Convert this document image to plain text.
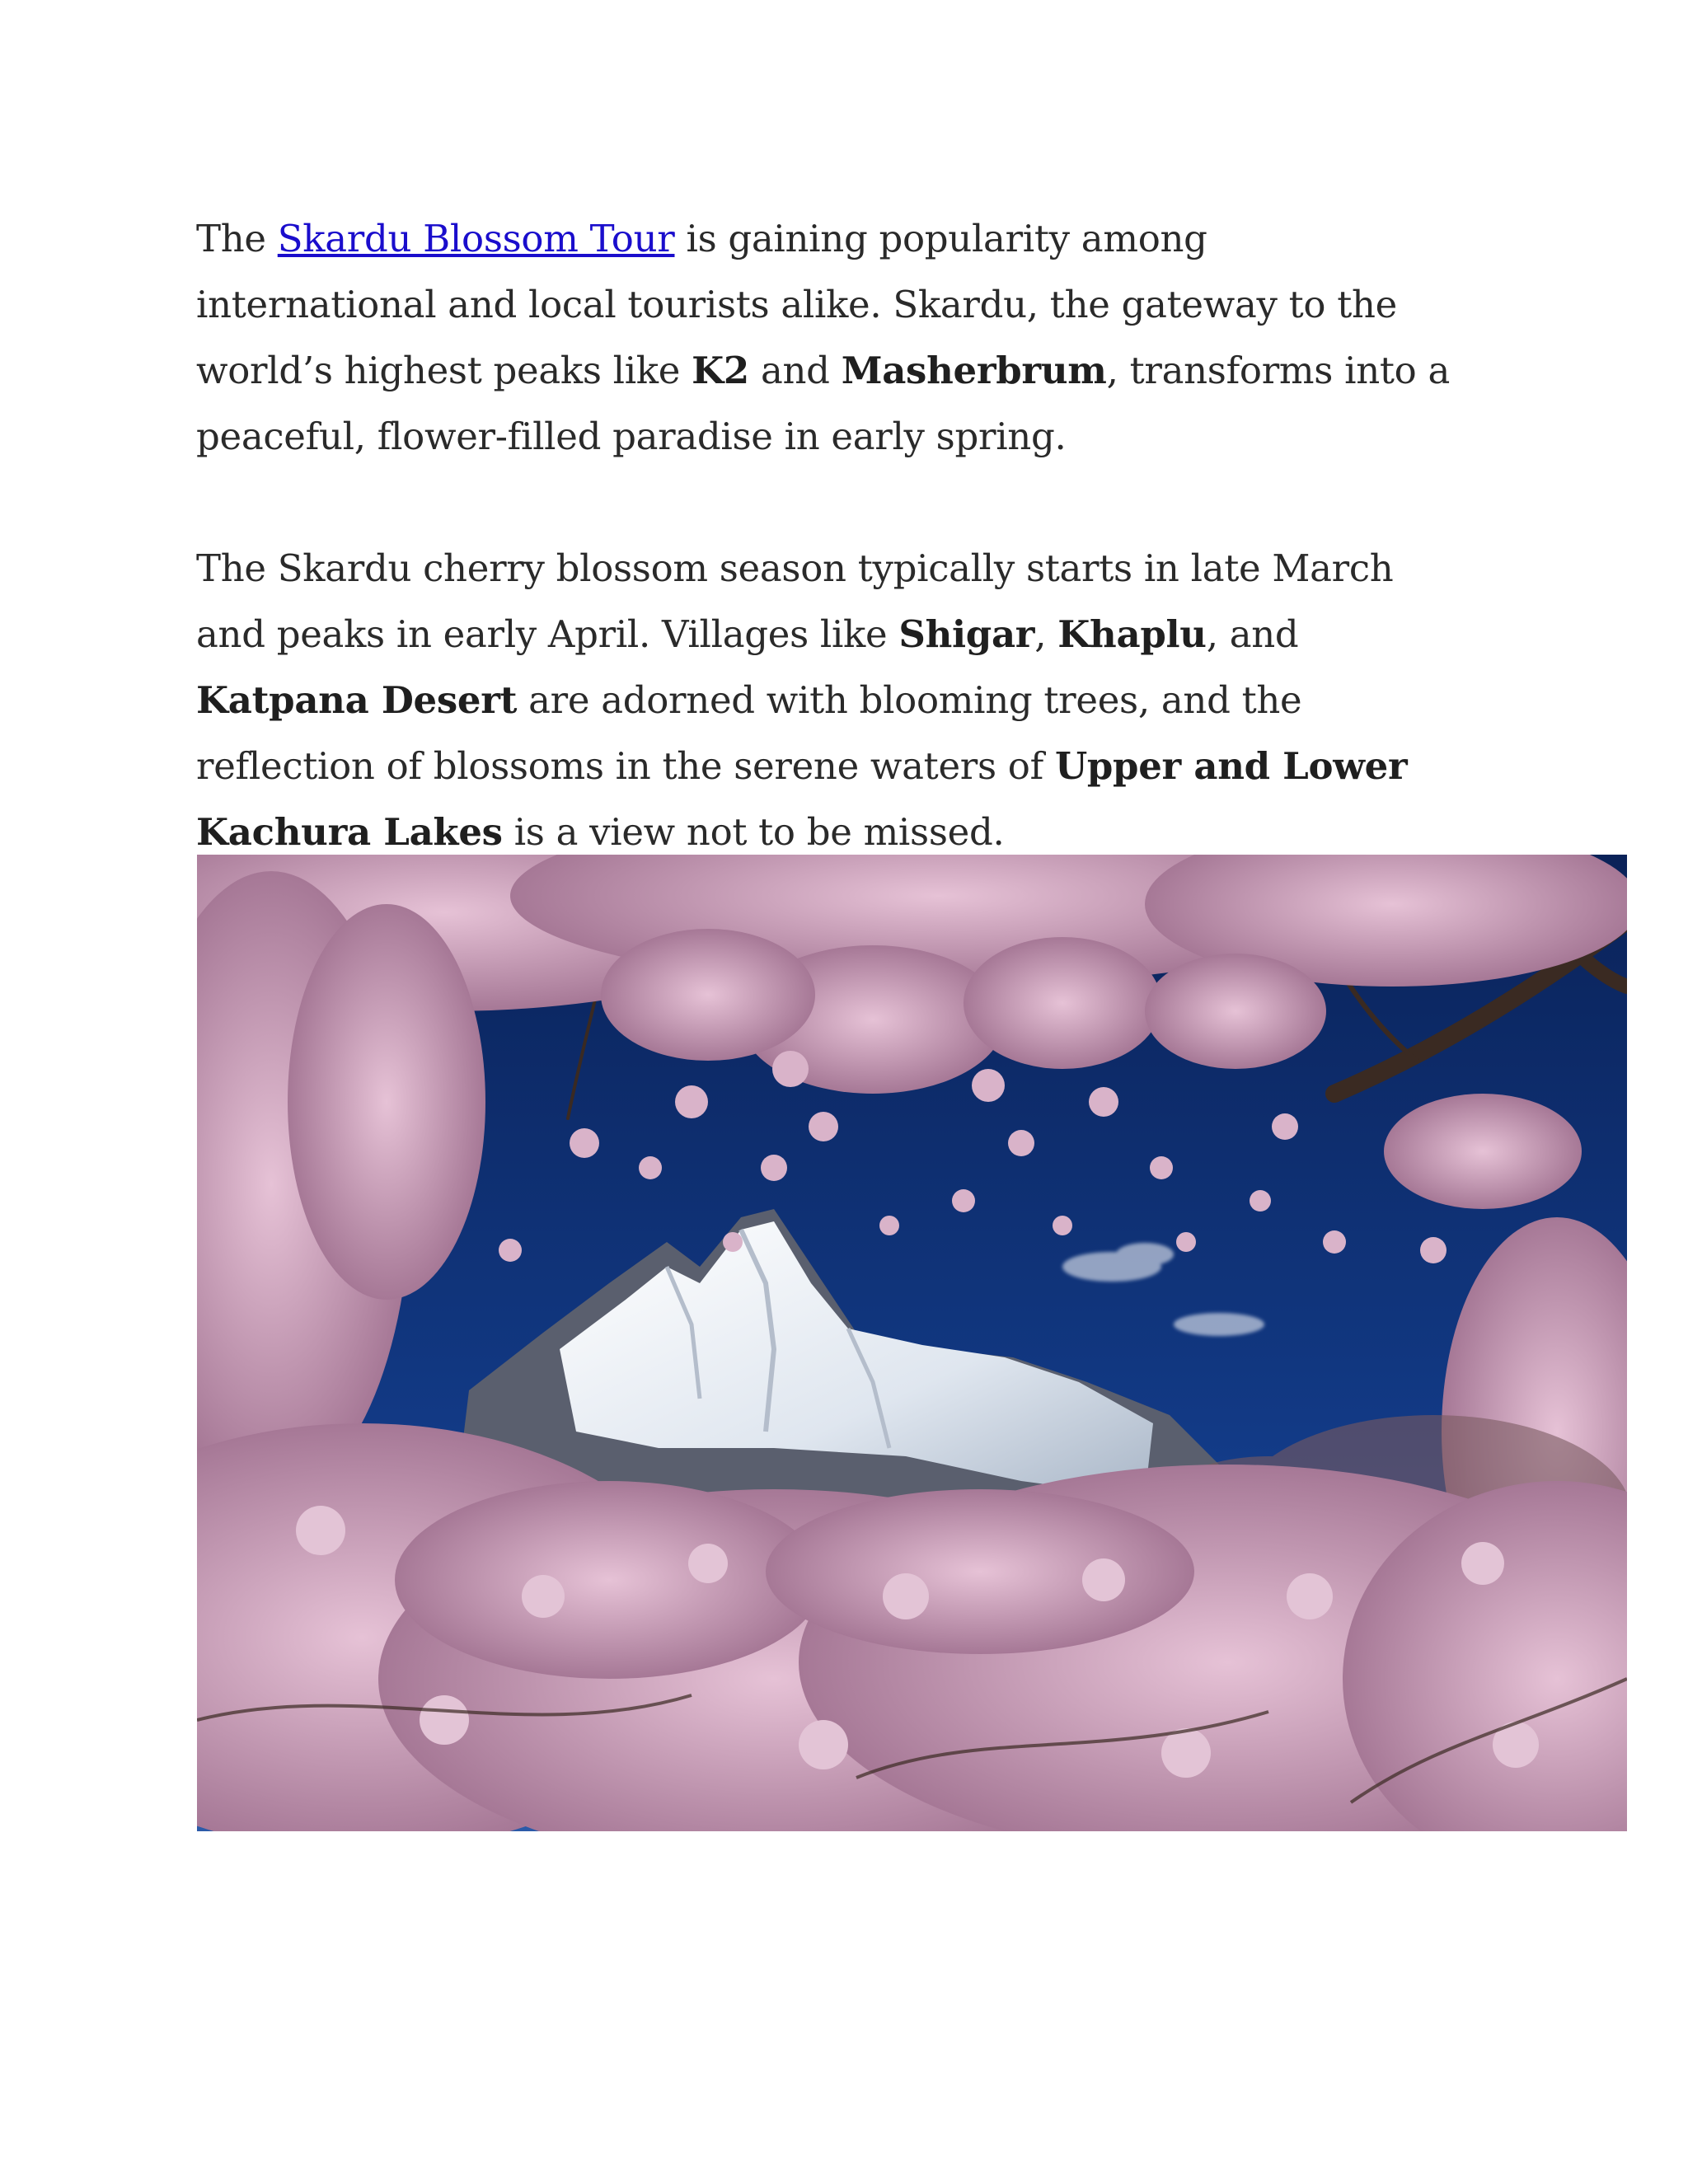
The Skardu Blossom Tour is gaining popularity among international and local tourists alike. Skardu, the gateway to the world’s highest peaks like K2 and Masherbrum, transforms into a peaceful, flower-filled paradise in early spring.

The Skardu cherry blossom season typically starts in late March and peaks in early April. Villages like Shigar, Khaplu, and Katpana Desert are adorned with blooming trees, and the reflection of blossoms in the serene waters of Upper and Lower Kachura Lakes is a view not to be missed.
